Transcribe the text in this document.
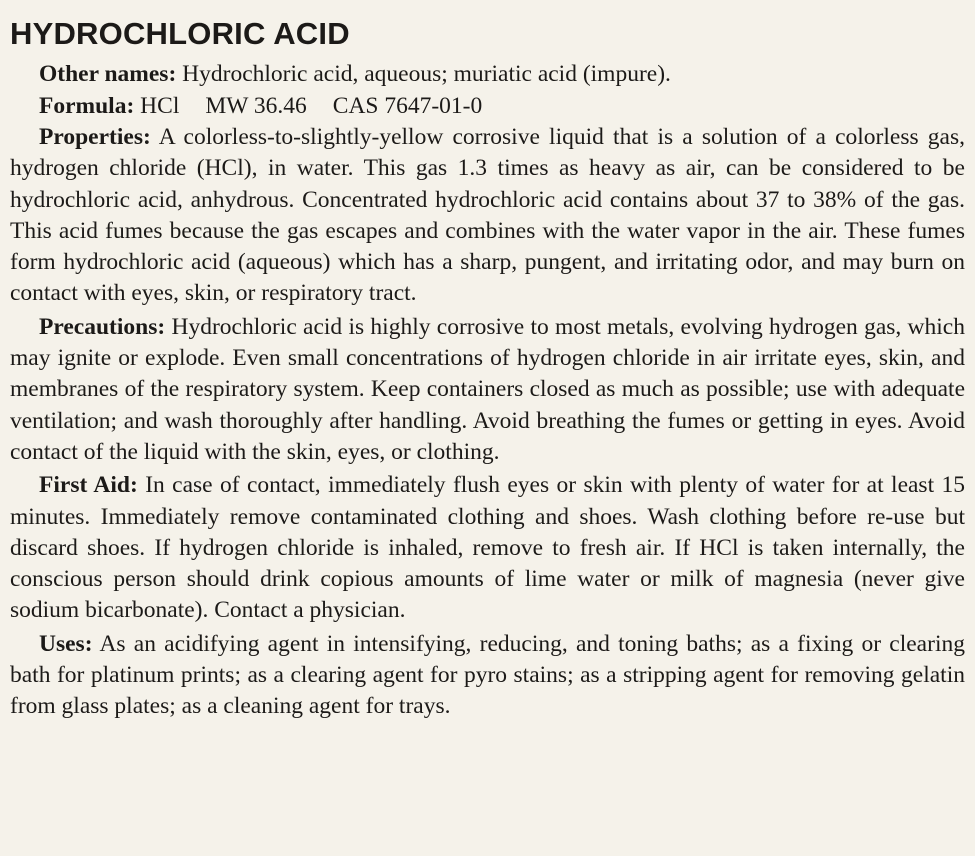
HYDROCHLORIC ACID

Other names: Hydrochloric acid, aqueous; muriatic acid (impure).

Formula: HCl MW 36.46 CAS 7647-01-0

Properties: A colorless-to-slightly-yellow corrosive liquid that is a solution of a colorless gas, hydrogen chloride (HCl), in water. This gas 1.3 times as heavy as air, can be considered to be hydrochloric acid, anhydrous. Concentrated hydrochloric acid contains about 37 to 38% of the gas. This acid fumes because the gas escapes and combines with the water vapor in the air. These fumes form hydrochloric acid (aqueous) which has a sharp, pungent, and irritating odor, and may burn on contact with eyes, skin, or respiratory tract.

Precautions: Hydrochloric acid is highly corrosive to most metals, evolving hydrogen gas, which may ignite or explode. Even small concentrations of hydrogen chloride in air irritate eyes, skin, and membranes of the respiratory system. Keep containers closed as much as possible; use with adequate ventilation; and wash thoroughly after handling. Avoid breathing the fumes or getting in eyes. Avoid contact of the liquid with the skin, eyes, or clothing.

First Aid: In case of contact, immediately flush eyes or skin with plenty of water for at least 15 minutes. Immediately remove contaminated clothing and shoes. Wash clothing before re-use but discard shoes. If hydrogen chloride is inhaled, remove to fresh air. If HCl is taken internally, the conscious person should drink copious amounts of lime water or milk of magnesia (never give sodium bicarbonate). Contact a physician.

Uses: As an acidifying agent in intensifying, reducing, and toning baths; as a fixing or clearing bath for platinum prints; as a clearing agent for pyro stains; as a stripping agent for removing gelatin from glass plates; as a cleaning agent for trays.
